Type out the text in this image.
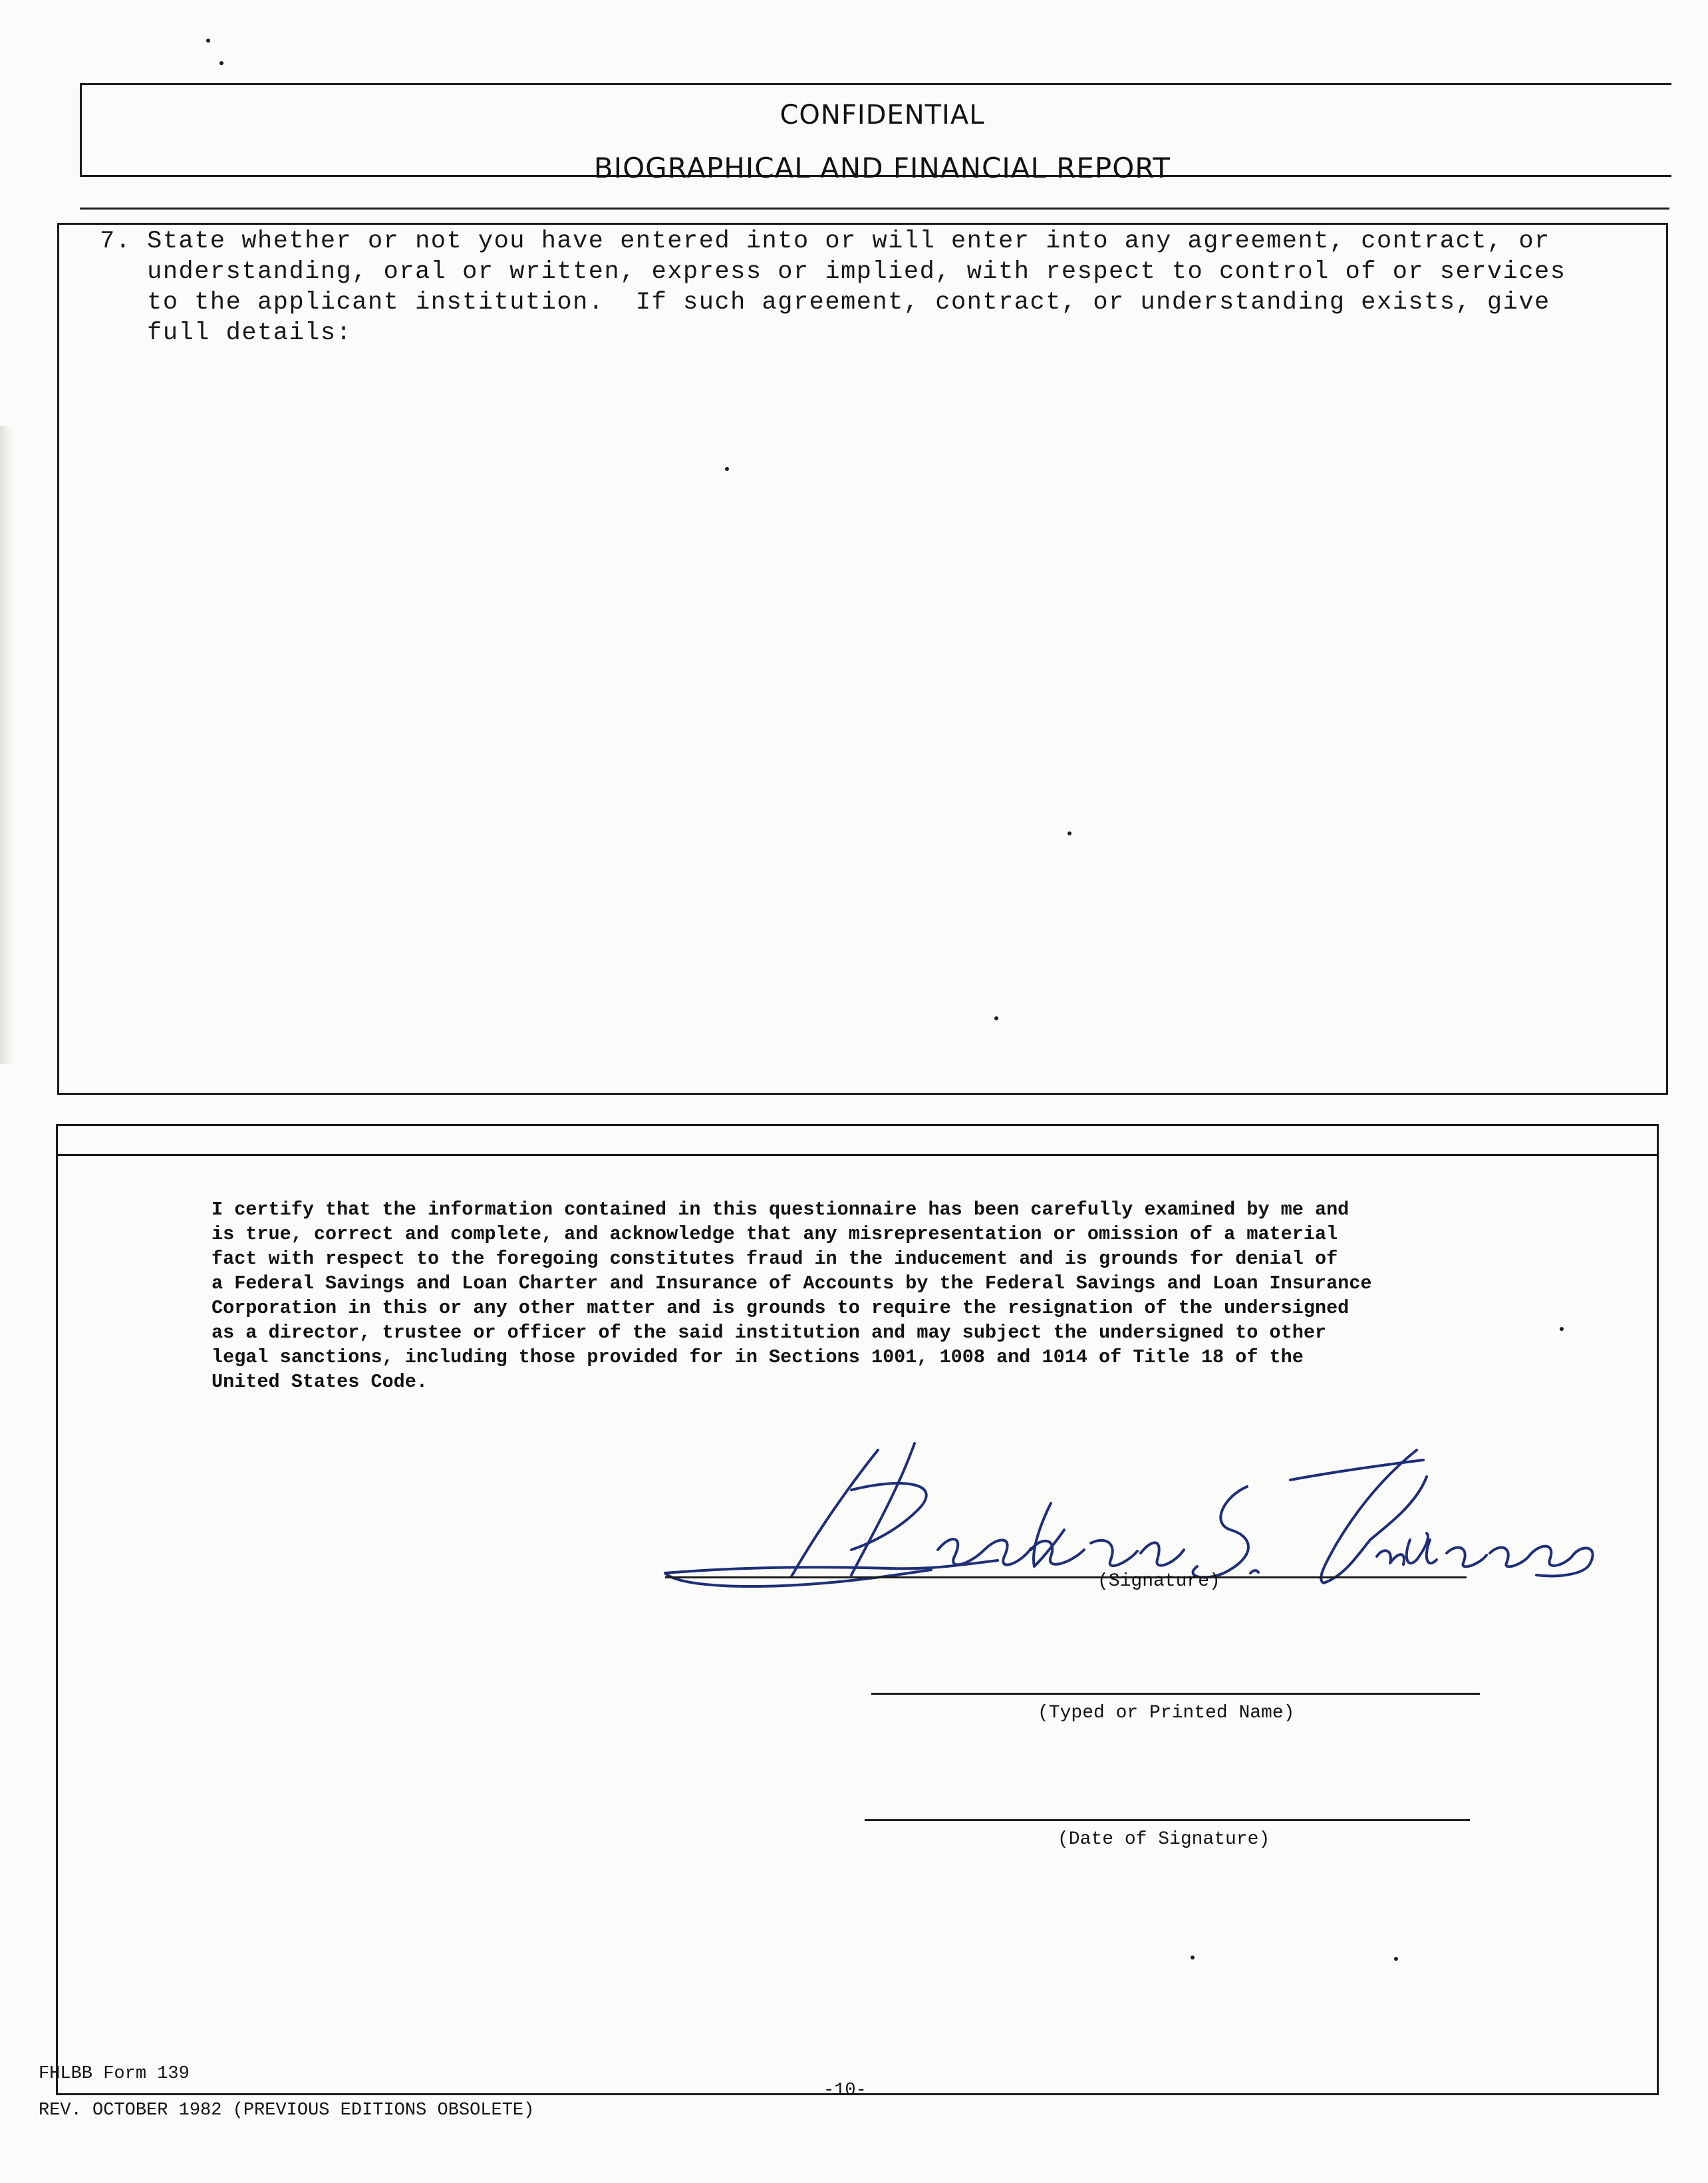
CONFIDENTIAL
BIOGRAPHICAL AND FINANCIAL REPORT
7. State whether or not you have entered into or will enter into any agreement, contract, or
understanding, oral or written, express or implied, with respect to control of or services
to the applicant institution.  If such agreement, contract, or understanding exists, give
full details:
I certify that the information contained in this questionnaire has been carefully examined by me and
is true, correct and complete, and acknowledge that any misrepresentation or omission of a material
fact with respect to the foregoing constitutes fraud in the inducement and is grounds for denial of
a Federal Savings and Loan Charter and Insurance of Accounts by the Federal Savings and Loan Insurance
Corporation in this or any other matter and is grounds to require the resignation of the undersigned
as a director, trustee or officer of the said institution and may subject the undersigned to other
legal sanctions, including those provided for in Sections 1001, 1008 and 1014 of Title 18 of the
United States Code.
(Signature)
(Typed or Printed Name)
(Date of Signature)
FHLBB Form 139
REV. OCTOBER 1982 (PREVIOUS EDITIONS OBSOLETE)
-10-
